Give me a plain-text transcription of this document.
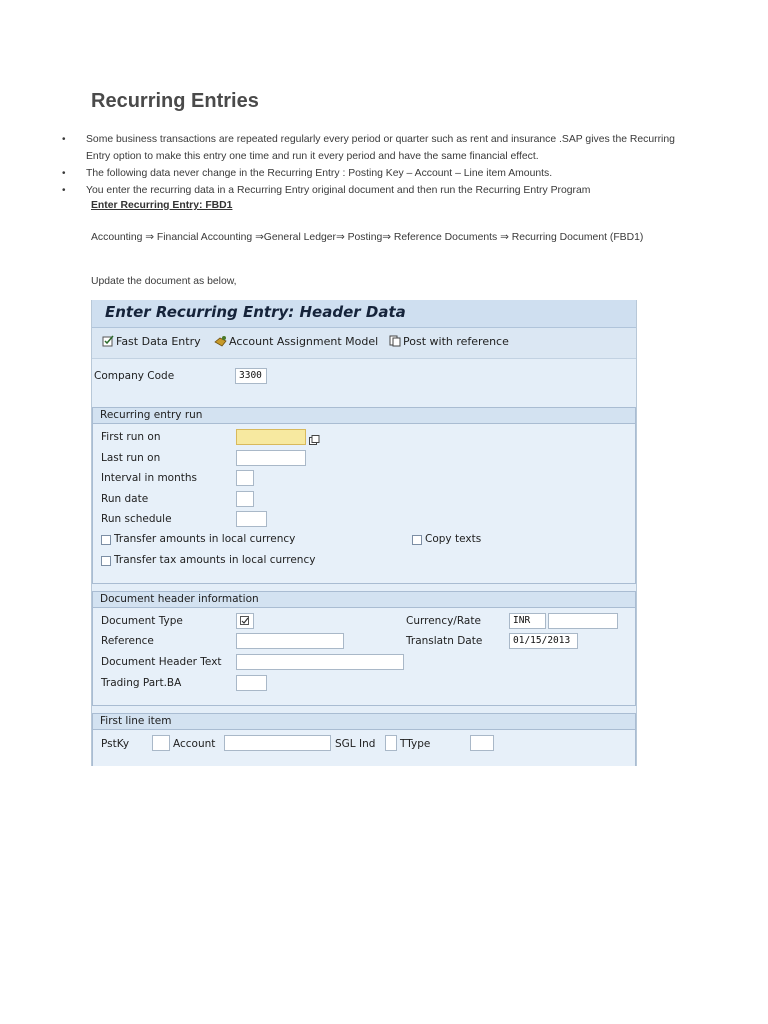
Recurring Entries
• Some business transactions are repeated regularly every period or quarter such as rent and insurance .SAP gives the Recurring Entry option to make this entry one time and run it every period and have the same financial effect.
• The following data never change in the Recurring Entry : Posting Key – Account – Line item Amounts.
• You enter the recurring data in a Recurring Entry original document and then run the Recurring Entry Program
Enter Recurring Entry: FBD1
Accounting ⇒ Financial Accounting ⇒General Ledger⇒ Posting⇒ Reference Documents ⇒ Recurring Document (FBD1)
Update the document as below,
Enter Recurring Entry: Header Data
Fast Data Entry	Account Assignment Model	Post with reference
Company Code	3300
Recurring entry run
First run on
Last run on
Interval in months
Run date
Run schedule
Transfer amounts in local currency	Copy texts
Transfer tax amounts in local currency
Document header information
Document Type	Currency/Rate	INR
Reference	Translatn Date	01/15/2013
Document Header Text
Trading Part.BA
First line item
PstKy	Account	SGL Ind TType
